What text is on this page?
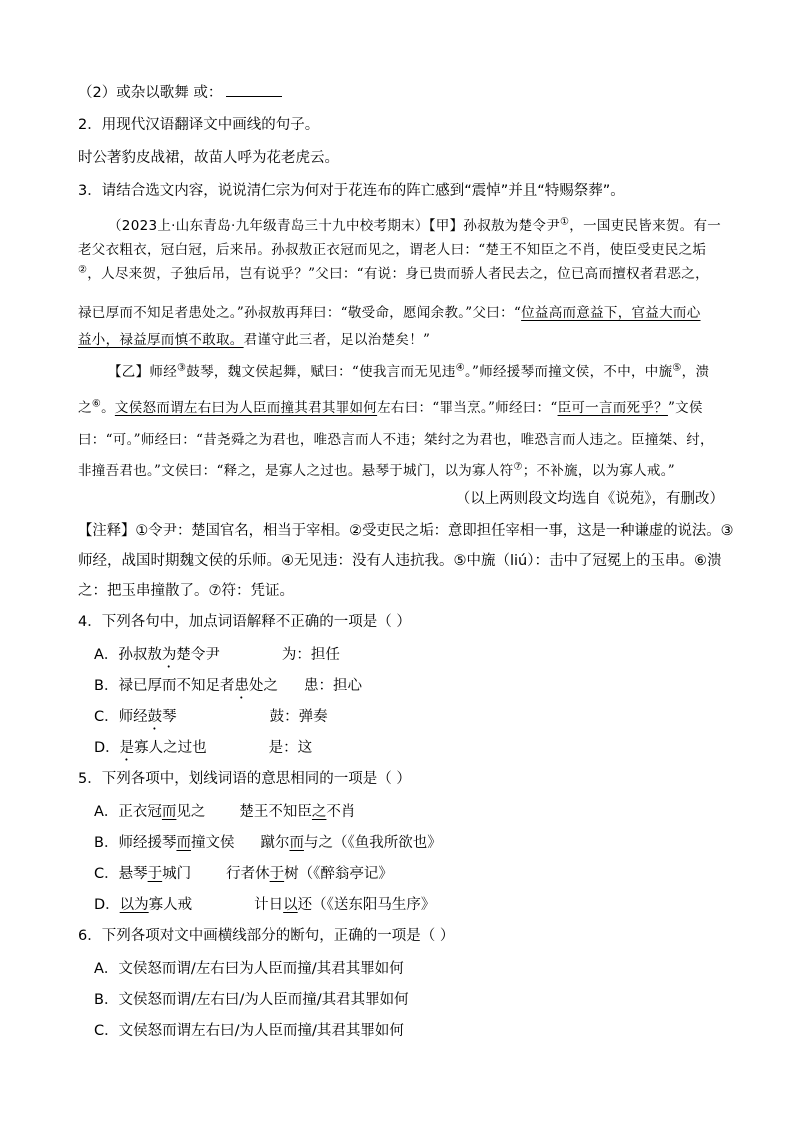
（2）或杂以歌舞 或：
2．用现代汉语翻译文中画线的句子。
时公著豹皮战裙，故苗人呼为花老虎云。
3．请结合选文内容，说说清仁宗为何对于花连布的阵亡感到“震悼”并且“特赐祭葬”。
（2023上·山东青岛·九年级青岛三十九中校考期末）【甲】孙叔敖为楚令尹①，一国吏民皆来贺。有一
老父衣粗衣，冠白冠，后来吊。孙叔敖正衣冠而见之，谓老人曰：“楚王不知臣之不肖，使臣受吏民之垢
②，人尽来贺，子独后吊，岂有说乎？”父曰：“有说：身已贵而骄人者民去之，位已高而擅权者君恶之，
禄已厚而不知足者患处之。”孙叔敖再拜曰：“敬受命，愿闻余教。”父曰：“位益高而意益下，官益大而心
益小，禄益厚而慎不敢取。君谨守此三者，足以治楚矣！”
【乙】师经③鼓琴，魏文侯起舞，赋曰：“使我言而无见违④。”师经援琴而撞文侯，不中，中旒⑤，溃
之⑥。文侯怒而谓左右曰为人臣而撞其君其罪如何左右曰：“罪当烹。”师经曰：“臣可一言而死乎？”文侯
曰：“可。”师经曰：“昔尧舜之为君也，唯恐言而人不违；桀纣之为君也，唯恐言而人违之。臣撞桀、纣，
非撞吾君也。”文侯曰：“释之，是寡人之过也。悬琴于城门，以为寡人符⑦；不补旒，以为寡人戒。”
（以上两则段文均选自《说苑》，有删改）
【注释】①令尹：楚国官名，相当于宰相。②受吏民之垢：意即担任宰相一事，这是一种谦虚的说法。③
师经，战国时期魏文侯的乐师。④无见违：没有人违抗我。⑤中旒（liú）：击中了冠冕上的玉串。⑥溃
之：把玉串撞散了。⑦符：凭证。
4．下列各句中，加点词语解释不正确的一项是（ ）
A．孙叔敖为楚令尹	为：担任
B．禄已厚而不知足者患处之 患：担心
C．师经鼓琴	鼓：弹奏
D．是寡人之过也	是：这
5．下列各项中，划线词语的意思相同的一项是（ ）
A．正衣冠而见之 楚王不知臣之不肖
B．师经援琴而撞文侯 蹴尔而与之（《鱼我所欲也》
C．悬琴于城门 行者休于树（《醉翁亭记》
D．以为寡人戒	计日以还（《送东阳马生序》
6．下列各项对文中画横线部分的断句，正确的一项是（ ）
A．文侯怒而谓/左右曰为人臣而撞/其君其罪如何
B．文侯怒而谓/左右曰/为人臣而撞/其君其罪如何
C．文侯怒而谓左右曰/为人臣而撞/其君其罪如何
